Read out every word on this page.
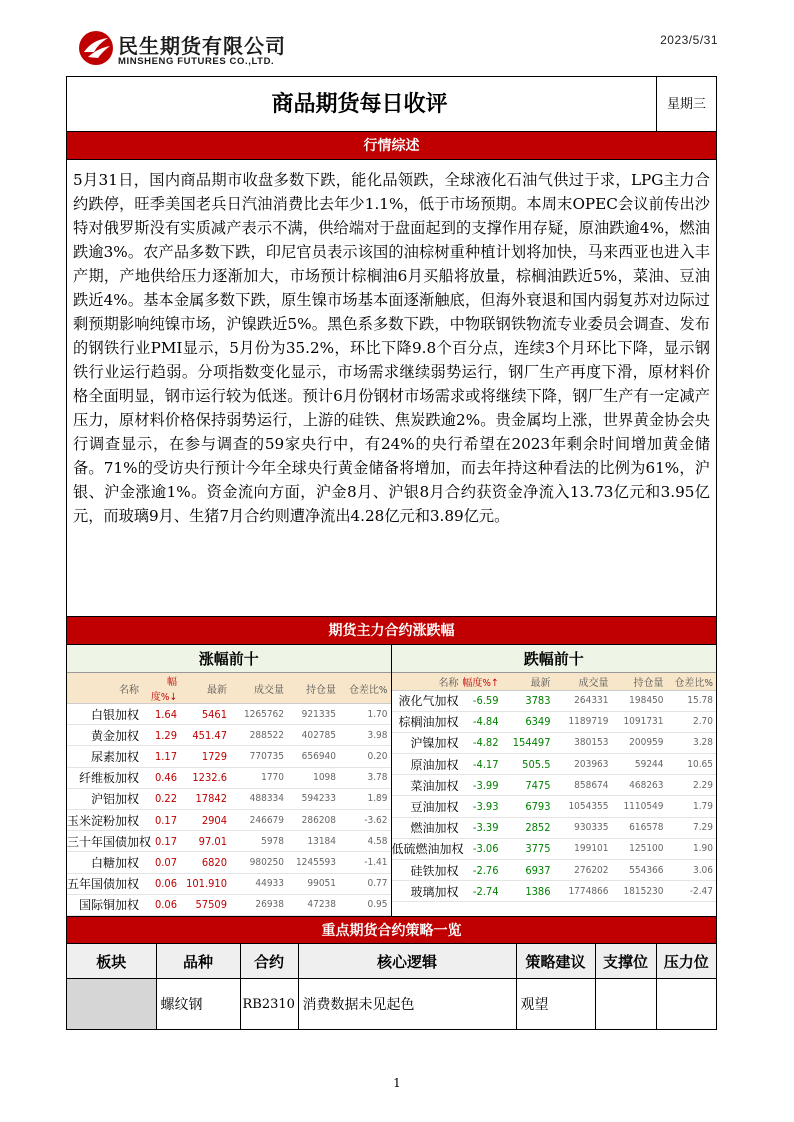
民生期货有限公司
MINSHENG FUTURES CO.,LTD.
2023/5/31
商品期货每日收评	星期三
行情综述
5月31日，国内商品期市收盘多数下跌，能化品领跌，全球液化石油气供过于求，LPG主力合约跌停，旺季美国老兵日汽油消费比去年少1.1%，低于市场预期。本周末OPEC会议前传出沙特对俄罗斯没有实质减产表示不满，供给端对于盘面起到的支撑作用存疑，原油跌逾4%，燃油跌逾3%。农产品多数下跌，印尼官员表示该国的油棕树重种植计划将加快，马来西亚也进入丰产期，产地供给压力逐渐加大，市场预计棕榈油6月买船将放量，棕榈油跌近5%，菜油、豆油跌近4%。基本金属多数下跌，原生镍市场基本面逐渐触底，但海外衰退和国内弱复苏对边际过剩预期影响纯镍市场，沪镍跌近5%。黑色系多数下跌，中物联钢铁物流专业委员会调查、发布的钢铁行业PMI显示，5月份为35.2%，环比下降9.8个百分点，连续3个月环比下降，显示钢铁行业运行趋弱。分项指数变化显示，市场需求继续弱势运行，钢厂生产再度下滑，原材料价格全面明显，钢市运行较为低迷。预计6月份钢材市场需求或将继续下降，钢厂生产有一定减产压力，原材料价格保持弱势运行，上游的硅铁、焦炭跌逾2%。贵金属均上涨，世界黄金协会央行调查显示，在参与调查的59家央行中，有24%的央行希望在2023年剩余时间增加黄金储备。71%的受访央行预计今年全球央行黄金储备将增加，而去年持这种看法的比例为61%，沪银、沪金涨逾1%。资金流向方面，沪金8月、沪银8月合约获资金净流入13.73亿元和3.95亿元，而玻璃9月、生猪7月合约则遭净流出4.28亿元和3.89亿元。
期货主力合约涨跌幅
涨幅前十
名称	幅度%↓	最新	成交量	持仓量	仓差比%
白银加权	1.64	5461	1265762	921335	1.70
黄金加权	1.29	451.47	288522	402785	3.98
尿素加权	1.17	1729	770735	656940	0.20
纤维板加权	0.46	1232.6	1770	1098	3.78
沪铝加权	0.22	17842	488334	594233	1.89
玉米淀粉加权	0.17	2904	246679	286208	-3.62
三十年国债加权	0.17	97.01	5978	13184	4.58
白糖加权	0.07	6820	980250	1245593	-1.41
五年国债加权	0.06	101.910	44933	99051	0.77
国际铜加权	0.06	57509	26938	47238	0.95
跌幅前十
名称	幅度%↑	最新	成交量	持仓量	仓差比%
液化气加权	-6.59	3783	264331	198450	15.78
棕榈油加权	-4.84	6349	1189719	1091731	2.70
沪镍加权	-4.82	154497	380153	200959	3.28
原油加权	-4.17	505.5	203963	59244	10.65
菜油加权	-3.99	7475	858674	468263	2.29
豆油加权	-3.93	6793	1054355	1110549	1.79
燃油加权	-3.39	2852	930335	616578	7.29
低硫燃油加权	-3.06	3775	199101	125100	1.90
硅铁加权	-2.76	6937	276202	554366	3.06
玻璃加权	-2.74	1386	1774866	1815230	-2.47
重点期货合约策略一览
板块	品种	合约	核心逻辑	策略建议	支撑位	压力位
	螺纹钢	RB2310	消费数据未见起色	观望		
1
